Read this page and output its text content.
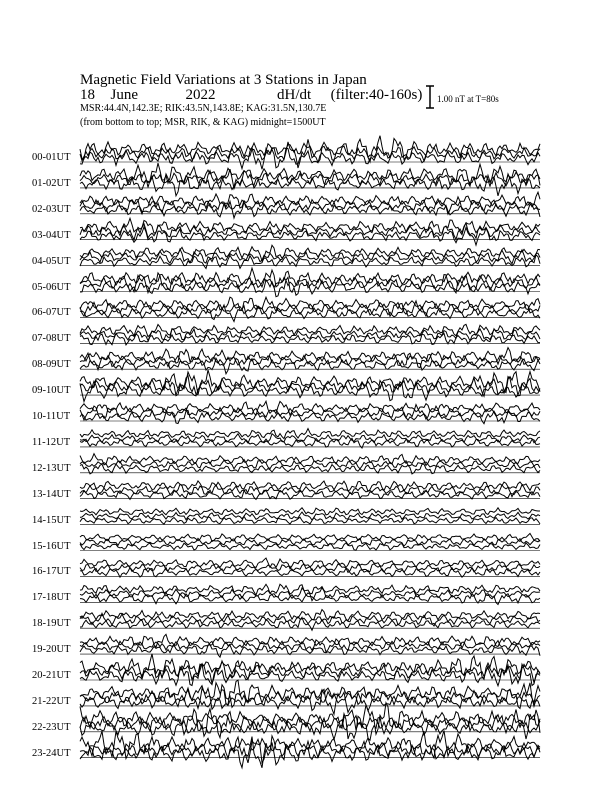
Magnetic Field Variations at 3 Stations in Japan
18 June	2022	dH/dt (filter:40-160s)
MSR:44.4N,142.3E; RIK:43.5N,143.8E; KAG:31.5N,130.7E
(from bottom to top; MSR, RIK, & KAG) midnight=1500UT
1.00 nT at T=80s
00-01UT
01-02UT
02-03UT
03-04UT
04-05UT
05-06UT
06-07UT
07-08UT
08-09UT
09-10UT
10-11UT
11-12UT
12-13UT
13-14UT
14-15UT
15-16UT
16-17UT
17-18UT
18-19UT
19-20UT
20-21UT
21-22UT
22-23UT
23-24UT
